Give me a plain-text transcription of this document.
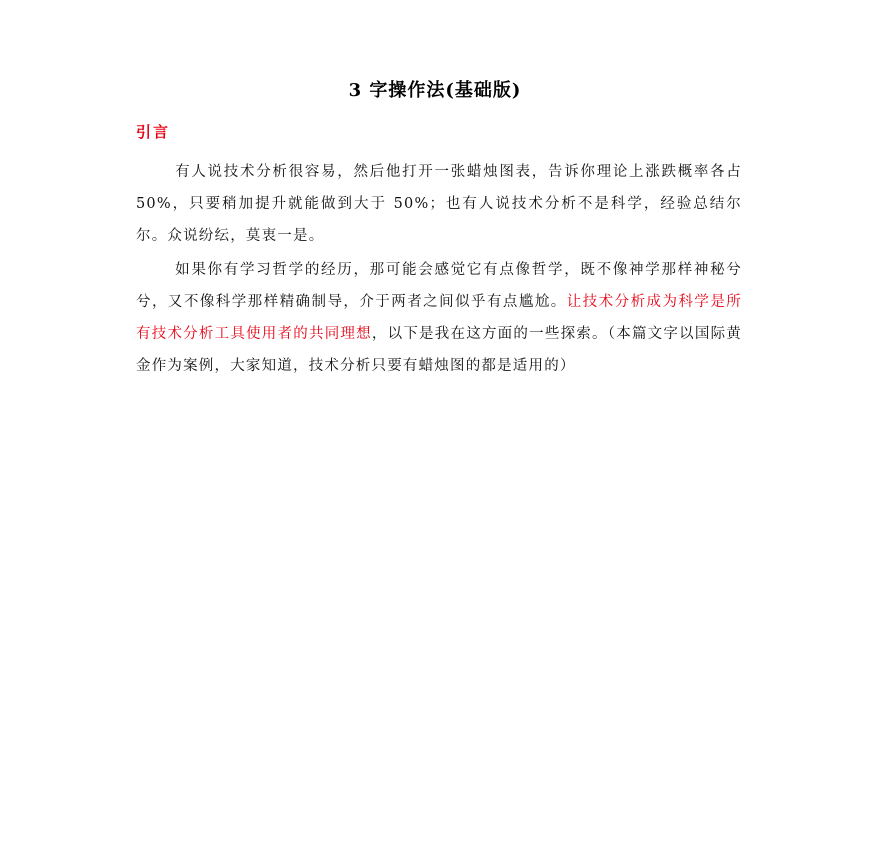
3 字操作法(基础版)
引言

有人说技术分析很容易，然后他打开一张蜡烛图表，告诉你理论上涨跌概率各占 50%，只要稍加提升就能做到大于 50%；也有人说技术分析不是科学，经验总结尔尔。众说纷纭，莫衷一是。

如果你有学习哲学的经历，那可能会感觉它有点像哲学，既不像神学那样神秘兮兮，又不像科学那样精确制导，介于两者之间似乎有点尴尬。让技术分析成为科学是所有技术分析工具使用者的共同理想，以下是我在这方面的一些探索。（本篇文字以国际黄金作为案例，大家知道，技术分析只要有蜡烛图的都是适用的）
